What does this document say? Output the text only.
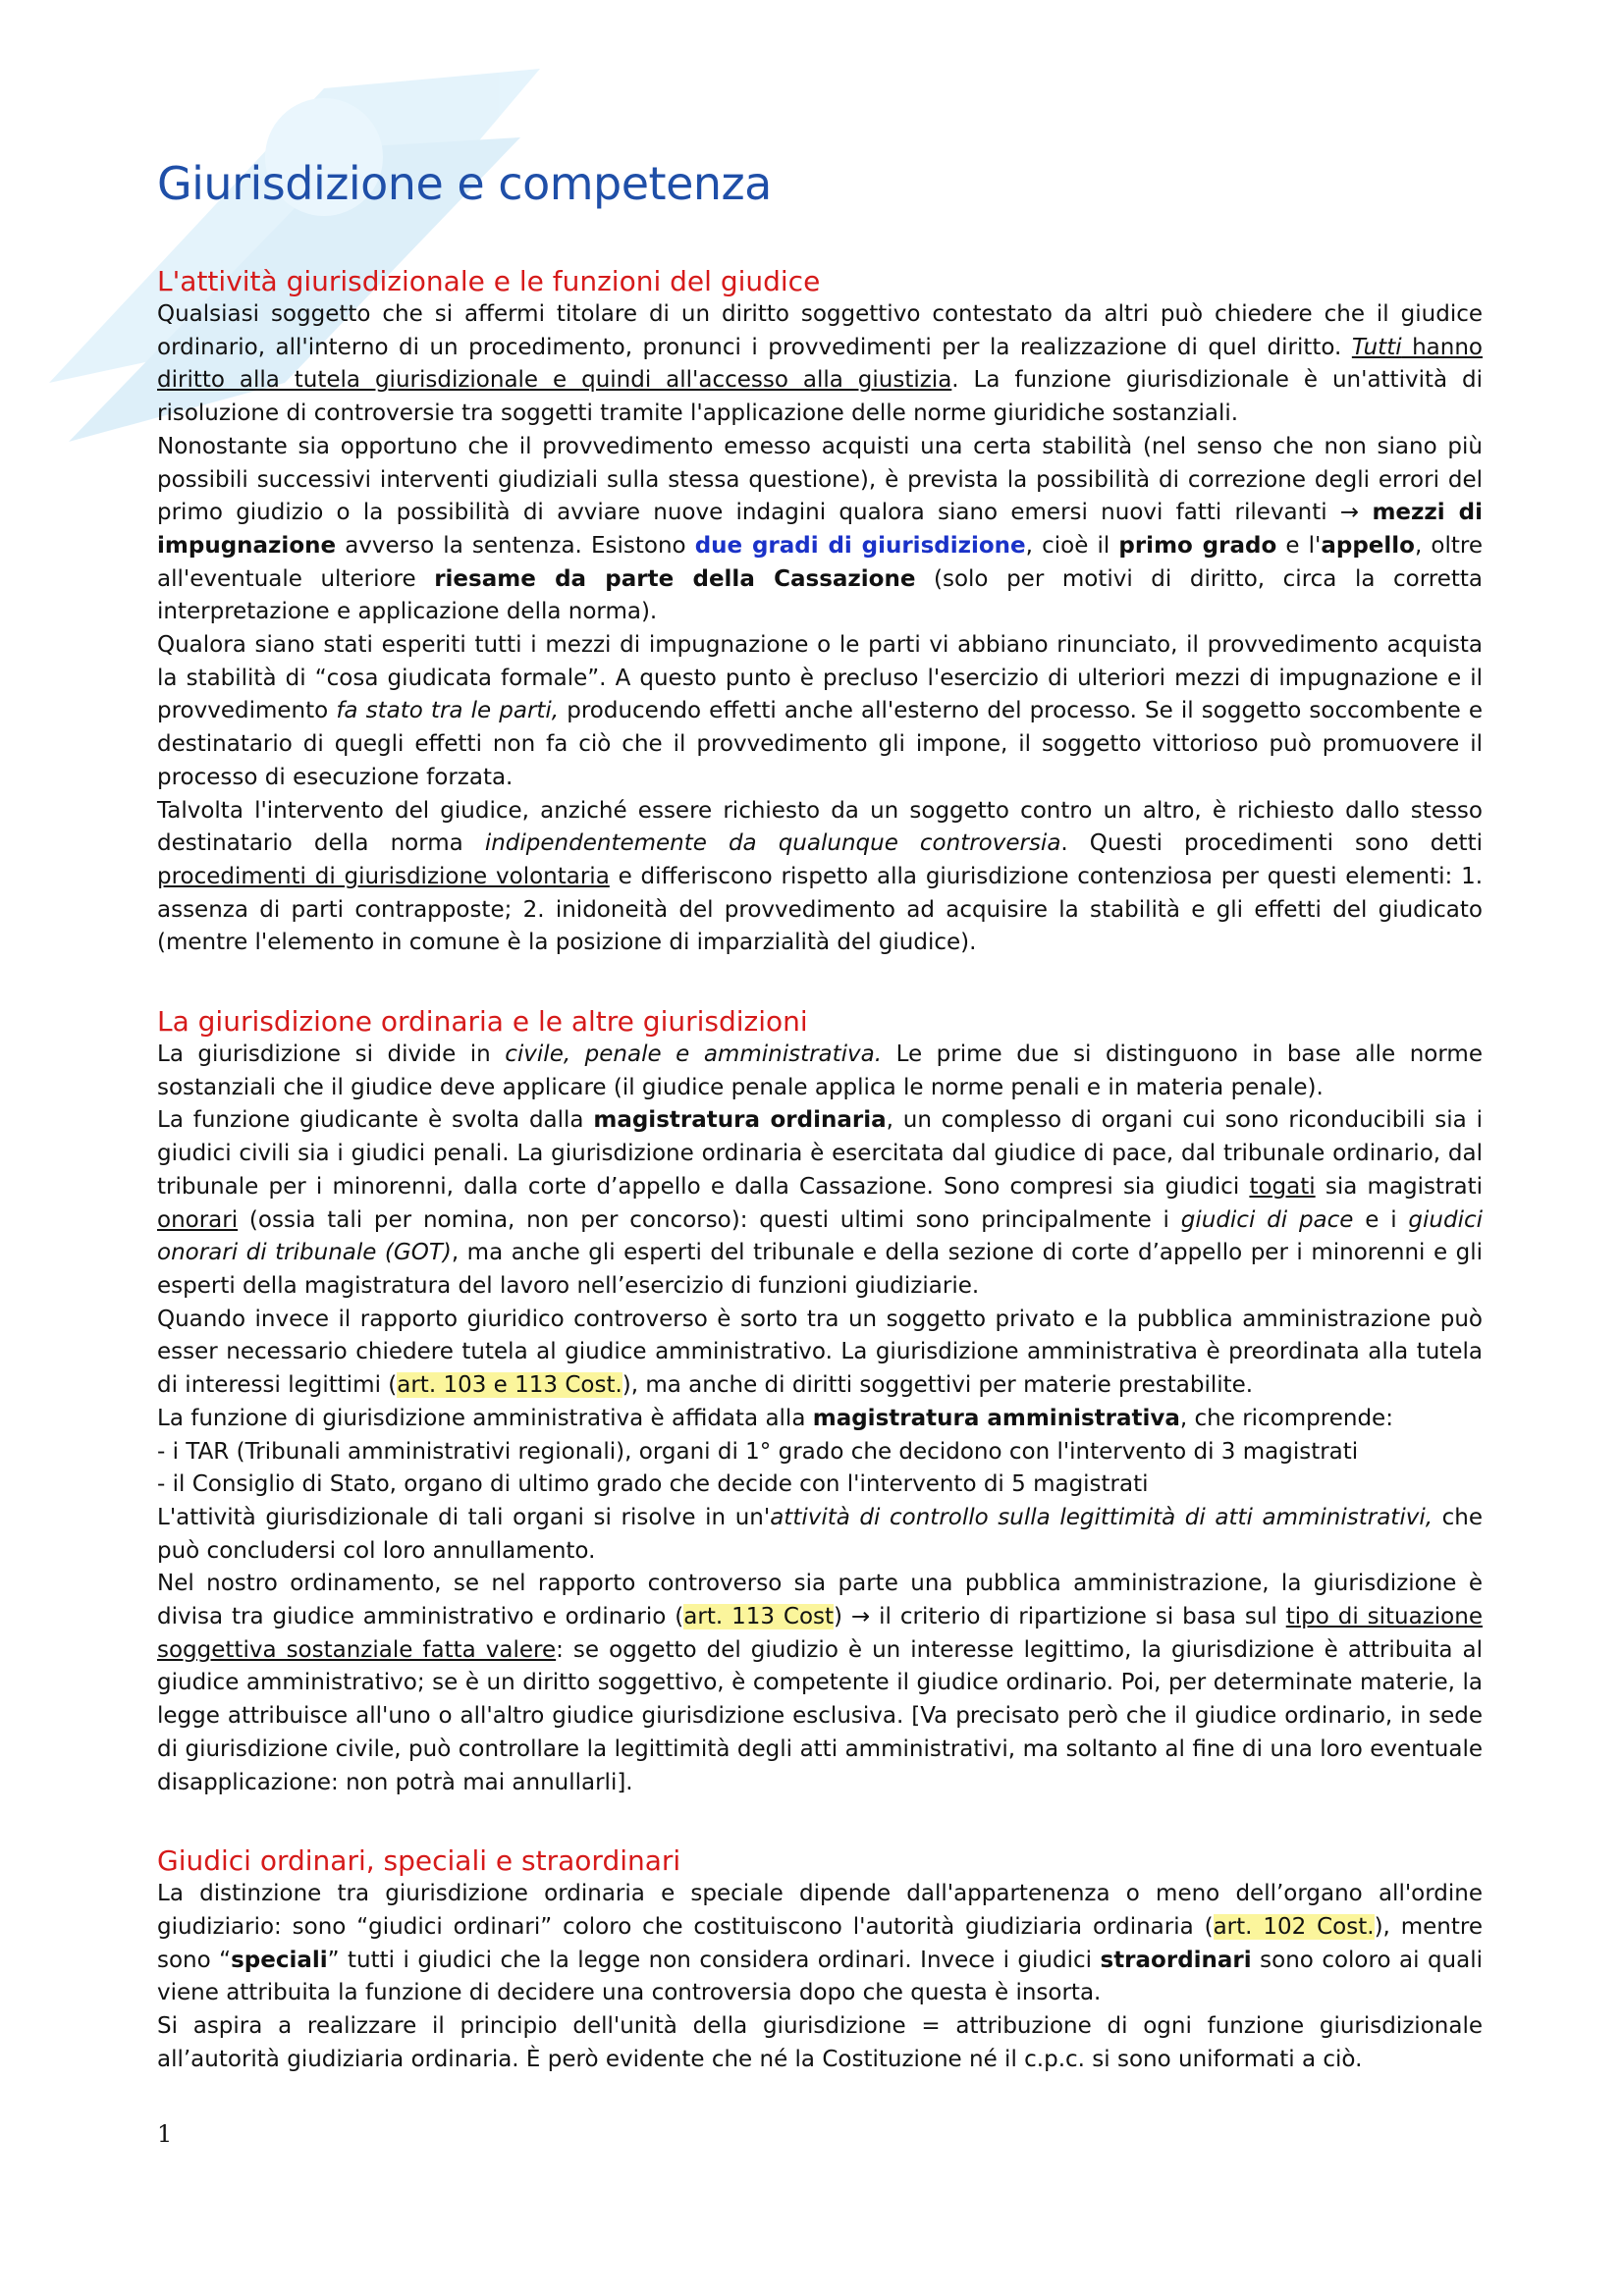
Giurisdizione e competenza
L'attività giurisdizionale e le funzioni del giudice

Qualsiasi soggetto che si affermi titolare di un diritto soggettivo contestato da altri può chiedere che il giudice ordinario, all'interno di un procedimento, pronunci i provvedimenti per la realizzazione di quel diritto. Tutti hanno diritto alla tutela giurisdizionale e quindi all'accesso alla giustizia. La funzione giurisdizionale è un'attività di risoluzione di controversie tra soggetti tramite l'applicazione delle norme giuridiche sostanziali.

Nonostante sia opportuno che il provvedimento emesso acquisti una certa stabilità (nel senso che non siano più possibili successivi interventi giudiziali sulla stessa questione), è prevista la possibilità di correzione degli errori del primo giudizio o la possibilità di avviare nuove indagini qualora siano emersi nuovi fatti rilevanti → mezzi di impugnazione avverso la sentenza. Esistono due gradi di giurisdizione, cioè il primo grado e l'appello, oltre all'eventuale ulteriore riesame da parte della Cassazione (solo per motivi di diritto, circa la corretta interpretazione e applicazione della norma).

Qualora siano stati esperiti tutti i mezzi di impugnazione o le parti vi abbiano rinunciato, il provvedimento acquista la stabilità di “cosa giudicata formale”. A questo punto è precluso l'esercizio di ulteriori mezzi di impugnazione e il provvedimento fa stato tra le parti, producendo effetti anche all'esterno del processo. Se il soggetto soccombente e destinatario di quegli effetti non fa ciò che il provvedimento gli impone, il soggetto vittorioso può promuovere il processo di esecuzione forzata.

Talvolta l'intervento del giudice, anziché essere richiesto da un soggetto contro un altro, è richiesto dallo stesso destinatario della norma indipendentemente da qualunque controversia. Questi procedimenti sono detti procedimenti di giurisdizione volontaria e differiscono rispetto alla giurisdizione contenziosa per questi elementi: 1. assenza di parti contrapposte; 2. inidoneità del provvedimento ad acquisire la stabilità e gli effetti del giudicato (mentre l'elemento in comune è la posizione di imparzialità del giudice).

La giurisdizione ordinaria e le altre giurisdizioni

La giurisdizione si divide in civile, penale e amministrativa. Le prime due si distinguono in base alle norme sostanziali che il giudice deve applicare (il giudice penale applica le norme penali e in materia penale).

La funzione giudicante è svolta dalla magistratura ordinaria, un complesso di organi cui sono riconducibili sia i giudici civili sia i giudici penali. La giurisdizione ordinaria è esercitata dal giudice di pace, dal tribunale ordinario, dal tribunale per i minorenni, dalla corte d’appello e dalla Cassazione. Sono compresi sia giudici togati sia magistrati onorari (ossia tali per nomina, non per concorso): questi ultimi sono principalmente i giudici di pace e i giudici onorari di tribunale (GOT), ma anche gli esperti del tribunale e della sezione di corte d’appello per i minorenni e gli esperti della magistratura del lavoro nell’esercizio di funzioni giudiziarie.

Quando invece il rapporto giuridico controverso è sorto tra un soggetto privato e la pubblica amministrazione può esser necessario chiedere tutela al giudice amministrativo. La giurisdizione amministrativa è preordinata alla tutela di interessi legittimi (art. 103 e 113 Cost.), ma anche di diritti soggettivi per materie prestabilite.

La funzione di giurisdizione amministrativa è affidata alla magistratura amministrativa, che ricomprende:
- i TAR (Tribunali amministrativi regionali), organi di 1° grado che decidono con l'intervento di 3 magistrati
- il Consiglio di Stato, organo di ultimo grado che decide con l'intervento di 5 magistrati

L'attività giurisdizionale di tali organi si risolve in un'attività di controllo sulla legittimità di atti amministrativi, che può concludersi col loro annullamento.

Nel nostro ordinamento, se nel rapporto controverso sia parte una pubblica amministrazione, la giurisdizione è divisa tra giudice amministrativo e ordinario (art. 113 Cost) → il criterio di ripartizione si basa sul tipo di situazione soggettiva sostanziale fatta valere: se oggetto del giudizio è un interesse legittimo, la giurisdizione è attribuita al giudice amministrativo; se è un diritto soggettivo, è competente il giudice ordinario. Poi, per determinate materie, la legge attribuisce all'uno o all'altro giudice giurisdizione esclusiva. [Va precisato però che il giudice ordinario, in sede di giurisdizione civile, può controllare la legittimità degli atti amministrativi, ma soltanto al fine di una loro eventuale disapplicazione: non potrà mai annullarli].

Giudici ordinari, speciali e straordinari

La distinzione tra giurisdizione ordinaria e speciale dipende dall'appartenenza o meno dell’organo all'ordine giudiziario: sono “giudici ordinari” coloro che costituiscono l'autorità giudiziaria ordinaria (art. 102 Cost.), mentre sono “speciali” tutti i giudici che la legge non considera ordinari. Invece i giudici straordinari sono coloro ai quali viene attribuita la funzione di decidere una controversia dopo che questa è insorta.

Si aspira a realizzare il principio dell'unità della giurisdizione = attribuzione di ogni funzione giurisdizionale all’autorità giudiziaria ordinaria. È però evidente che né la Costituzione né il c.p.c. si sono uniformati a ciò.

1
